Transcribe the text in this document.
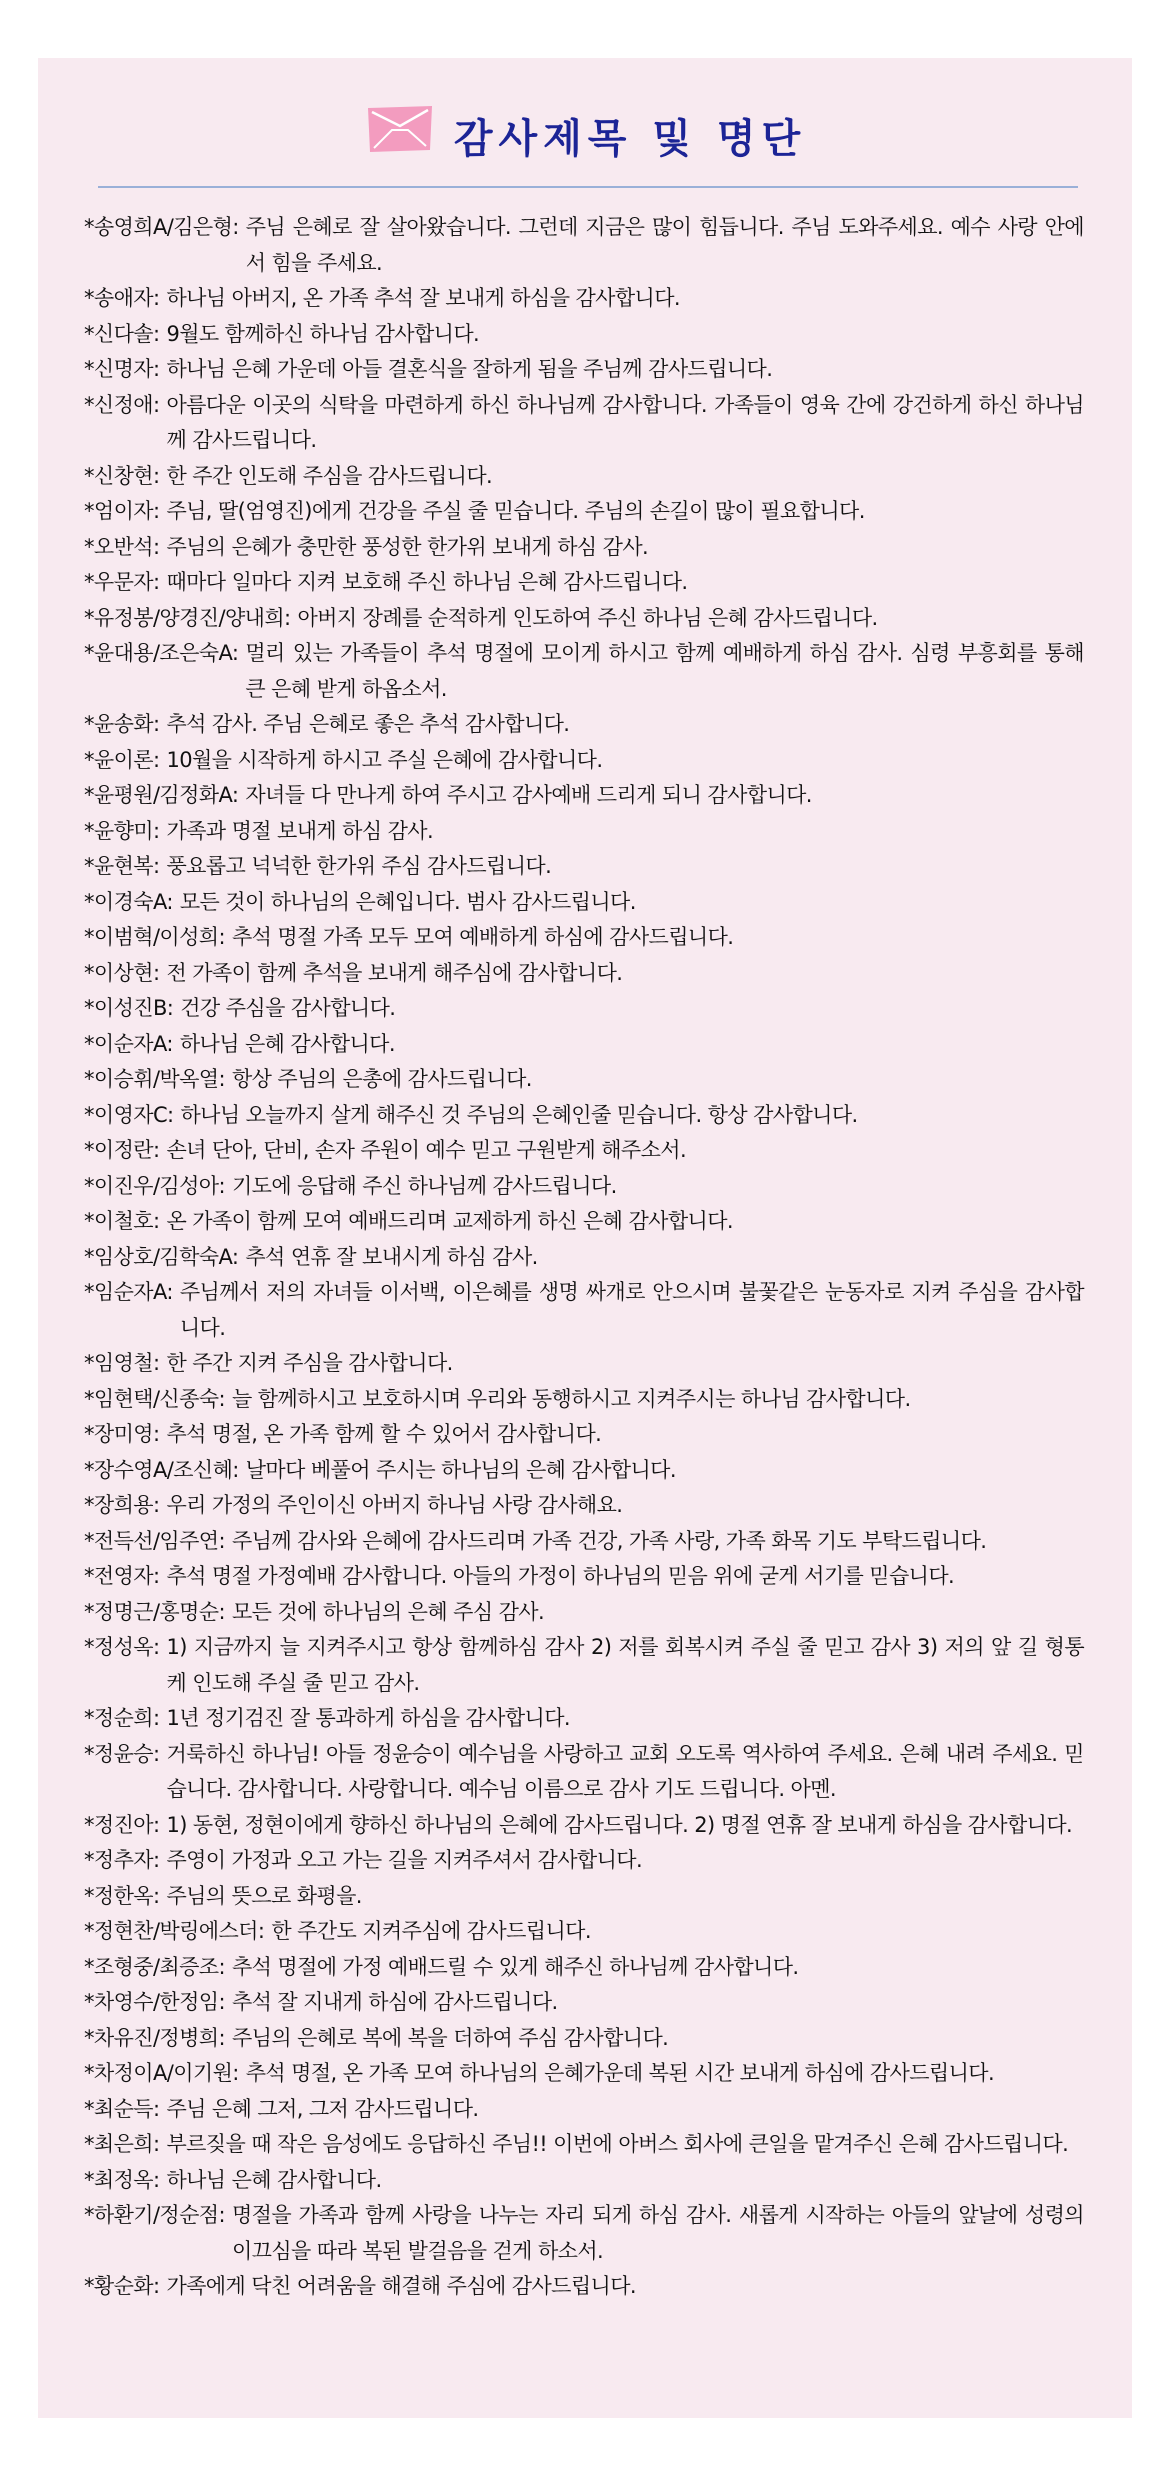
감사제목 및 명단
*송영희A/김은형: 주님 은혜로 잘 살아왔습니다. 그런데 지금은 많이 힘듭니다. 주님 도와주세요. 예수 사랑 안에서 힘을 주세요.
*송애자: 하나님 아버지, 온 가족 추석 잘 보내게 하심을 감사합니다.
*신다솔: 9월도 함께하신 하나님 감사합니다.
*신명자: 하나님 은혜 가운데 아들 결혼식을 잘하게 됨을 주님께 감사드립니다.
*신정애: 아름다운 이곳의 식탁을 마련하게 하신 하나님께 감사합니다. 가족들이 영육 간에 강건하게 하신 하나님께 감사드립니다.
*신창현: 한 주간 인도해 주심을 감사드립니다.
*엄이자: 주님, 딸(엄영진)에게 건강을 주실 줄 믿습니다. 주님의 손길이 많이 필요합니다.
*오반석: 주님의 은혜가 충만한 풍성한 한가위 보내게 하심 감사.
*우문자: 때마다 일마다 지켜 보호해 주신 하나님 은혜 감사드립니다.
*유정봉/양경진/양내희: 아버지 장례를 순적하게 인도하여 주신 하나님 은혜 감사드립니다.
*윤대용/조은숙A: 멀리 있는 가족들이 추석 명절에 모이게 하시고 함께 예배하게 하심 감사. 심령 부흥회를 통해 큰 은혜 받게 하옵소서.
*윤송화: 추석 감사. 주님 은혜로 좋은 추석 감사합니다.
*윤이론: 10월을 시작하게 하시고 주실 은혜에 감사합니다.
*윤평원/김정화A: 자녀들 다 만나게 하여 주시고 감사예배 드리게 되니 감사합니다.
*윤향미: 가족과 명절 보내게 하심 감사.
*윤현복: 풍요롭고 넉넉한 한가위 주심 감사드립니다.
*이경숙A: 모든 것이 하나님의 은혜입니다. 범사 감사드립니다.
*이범혁/이성희: 추석 명절 가족 모두 모여 예배하게 하심에 감사드립니다.
*이상현: 전 가족이 함께 추석을 보내게 해주심에 감사합니다.
*이성진B: 건강 주심을 감사합니다.
*이순자A: 하나님 은혜 감사합니다.
*이승휘/박옥열: 항상 주님의 은총에 감사드립니다.
*이영자C: 하나님 오늘까지 살게 해주신 것 주님의 은혜인줄 믿습니다. 항상 감사합니다.
*이정란: 손녀 단아, 단비, 손자 주원이 예수 믿고 구원받게 해주소서.
*이진우/김성아: 기도에 응답해 주신 하나님께 감사드립니다.
*이철호: 온 가족이 함께 모여 예배드리며 교제하게 하신 은혜 감사합니다.
*임상호/김학숙A: 추석 연휴 잘 보내시게 하심 감사.
*임순자A: 주님께서 저의 자녀들 이서백, 이은혜를 생명 싸개로 안으시며 불꽃같은 눈동자로 지켜 주심을 감사합니다.
*임영철: 한 주간 지켜 주심을 감사합니다.
*임현택/신종숙: 늘 함께하시고 보호하시며 우리와 동행하시고 지켜주시는 하나님 감사합니다.
*장미영: 추석 명절, 온 가족 함께 할 수 있어서 감사합니다.
*장수영A/조신혜: 날마다 베풀어 주시는 하나님의 은혜 감사합니다.
*장희용: 우리 가정의 주인이신 아버지 하나님 사랑 감사해요.
*전득선/임주연: 주님께 감사와 은혜에 감사드리며 가족 건강, 가족 사랑, 가족 화목 기도 부탁드립니다.
*전영자: 추석 명절 가정예배 감사합니다. 아들의 가정이 하나님의 믿음 위에 굳게 서기를 믿습니다.
*정명근/홍명순: 모든 것에 하나님의 은혜 주심 감사.
*정성옥: 1) 지금까지 늘 지켜주시고 항상 함께하심 감사 2) 저를 회복시켜 주실 줄 믿고 감사 3) 저의 앞 길 형통케 인도해 주실 줄 믿고 감사.
*정순희: 1년 정기검진 잘 통과하게 하심을 감사합니다.
*정윤승: 거룩하신 하나님! 아들 정윤승이 예수님을 사랑하고 교회 오도록 역사하여 주세요. 은혜 내려 주세요. 믿습니다. 감사합니다. 사랑합니다. 예수님 이름으로 감사 기도 드립니다. 아멘.
*정진아: 1) 동현, 정현이에게 향하신 하나님의 은혜에 감사드립니다. 2) 명절 연휴 잘 보내게 하심을 감사합니다.
*정추자: 주영이 가정과 오고 가는 길을 지켜주셔서 감사합니다.
*정한옥: 주님의 뜻으로 화평을.
*정현찬/박링에스더: 한 주간도 지켜주심에 감사드립니다.
*조형중/최증조: 추석 명절에 가정 예배드릴 수 있게 해주신 하나님께 감사합니다.
*차영수/한정임: 추석 잘 지내게 하심에 감사드립니다.
*차유진/정병희: 주님의 은혜로 복에 복을 더하여 주심 감사합니다.
*차정이A/이기원: 추석 명절, 온 가족 모여 하나님의 은혜가운데 복된 시간 보내게 하심에 감사드립니다.
*최순득: 주님 은혜 그저, 그저 감사드립니다.
*최은희: 부르짖을 때 작은 음성에도 응답하신 주님!! 이번에 아버스 회사에 큰일을 맡겨주신 은혜 감사드립니다.
*최정옥: 하나님 은혜 감사합니다.
*하환기/정순점: 명절을 가족과 함께 사랑을 나누는 자리 되게 하심 감사. 새롭게 시작하는 아들의 앞날에 성령의 이끄심을 따라 복된 발걸음을 걷게 하소서.
*황순화: 가족에게 닥친 어려움을 해결해 주심에 감사드립니다.
